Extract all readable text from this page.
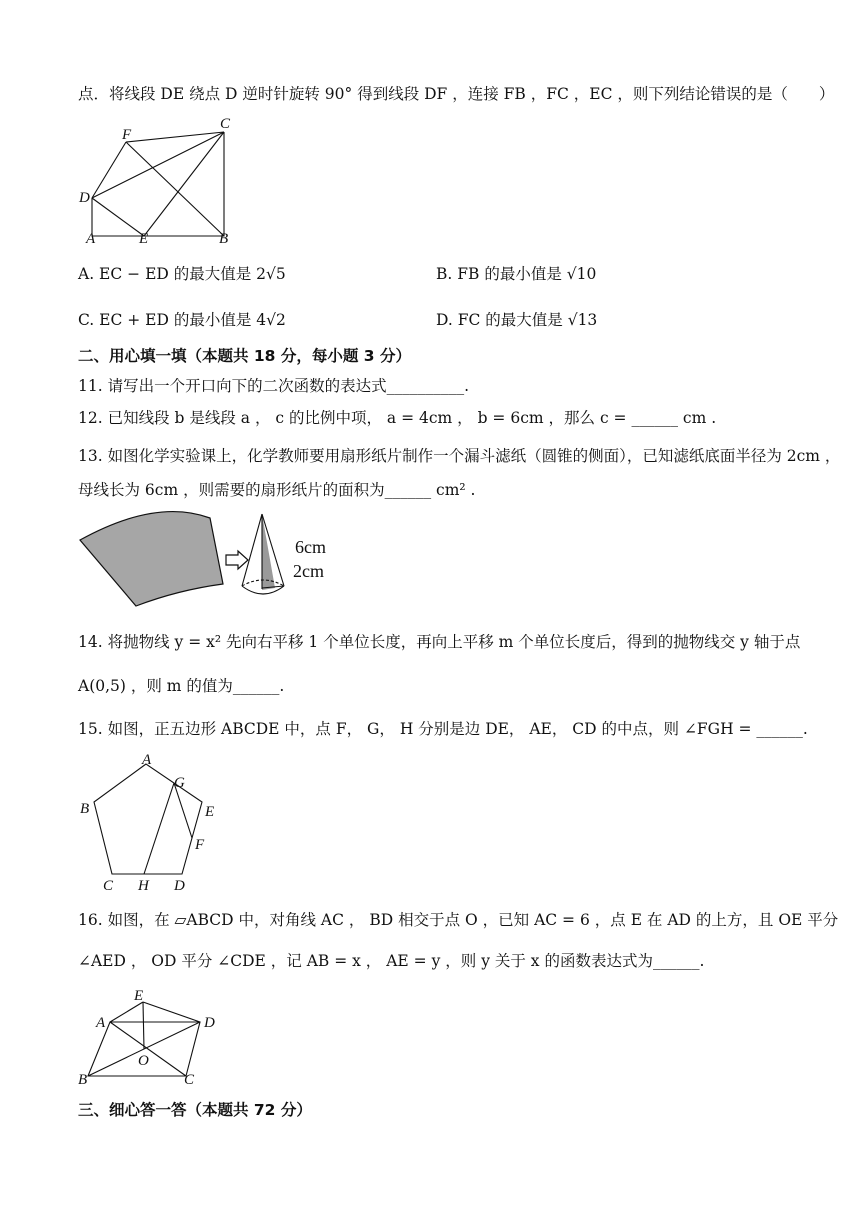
点．将线段 DE 绕点 D 逆时针旋转 90° 得到线段 DF ，连接 FB ，FC ，EC ，则下列结论错误的是（　　）
F
C
D
A	E	B
A. EC − ED 的最大值是 2√5	B. FB 的最小值是 √10
C. EC + ED 的最小值是 4√2	D. FC 的最大值是 √13
二、用心填一填（本题共 18 分，每小题 3 分）
11. 请写出一个开口向下的二次函数的表达式__________.
12. 已知线段 b 是线段 a ， c 的比例中项， a = 4cm ， b = 6cm ，那么 c = ______ cm .
13. 如图化学实验课上，化学教师要用扇形纸片制作一个漏斗滤纸（圆锥的侧面），已知滤纸底面半径为 2cm ，
母线长为 6cm ，则需要的扇形纸片的面积为______ cm² .
6cm
2cm
14. 将抛物线 y = x² 先向右平移 1 个单位长度，再向上平移 m 个单位长度后，得到的抛物线交 y 轴于点
A(0,5) ，则 m 的值为______.
15. 如图，正五边形 ABCDE 中，点 F， G， H 分别是边 DE， AE， CD 的中点，则 ∠FGH = ______.
A
B
C	D
E
F
G
H
16. 如图，在 ▱ABCD 中，对角线 AC ， BD 相交于点 O ，已知 AC = 6 ，点 E 在 AD 的上方，且 OE 平分
∠AED ， OD 平分 ∠CDE ，记 AB = x ， AE = y ，则 y 关于 x 的函数表达式为______.
E
A	D
O
B	C
三、细心答一答（本题共 72 分）
